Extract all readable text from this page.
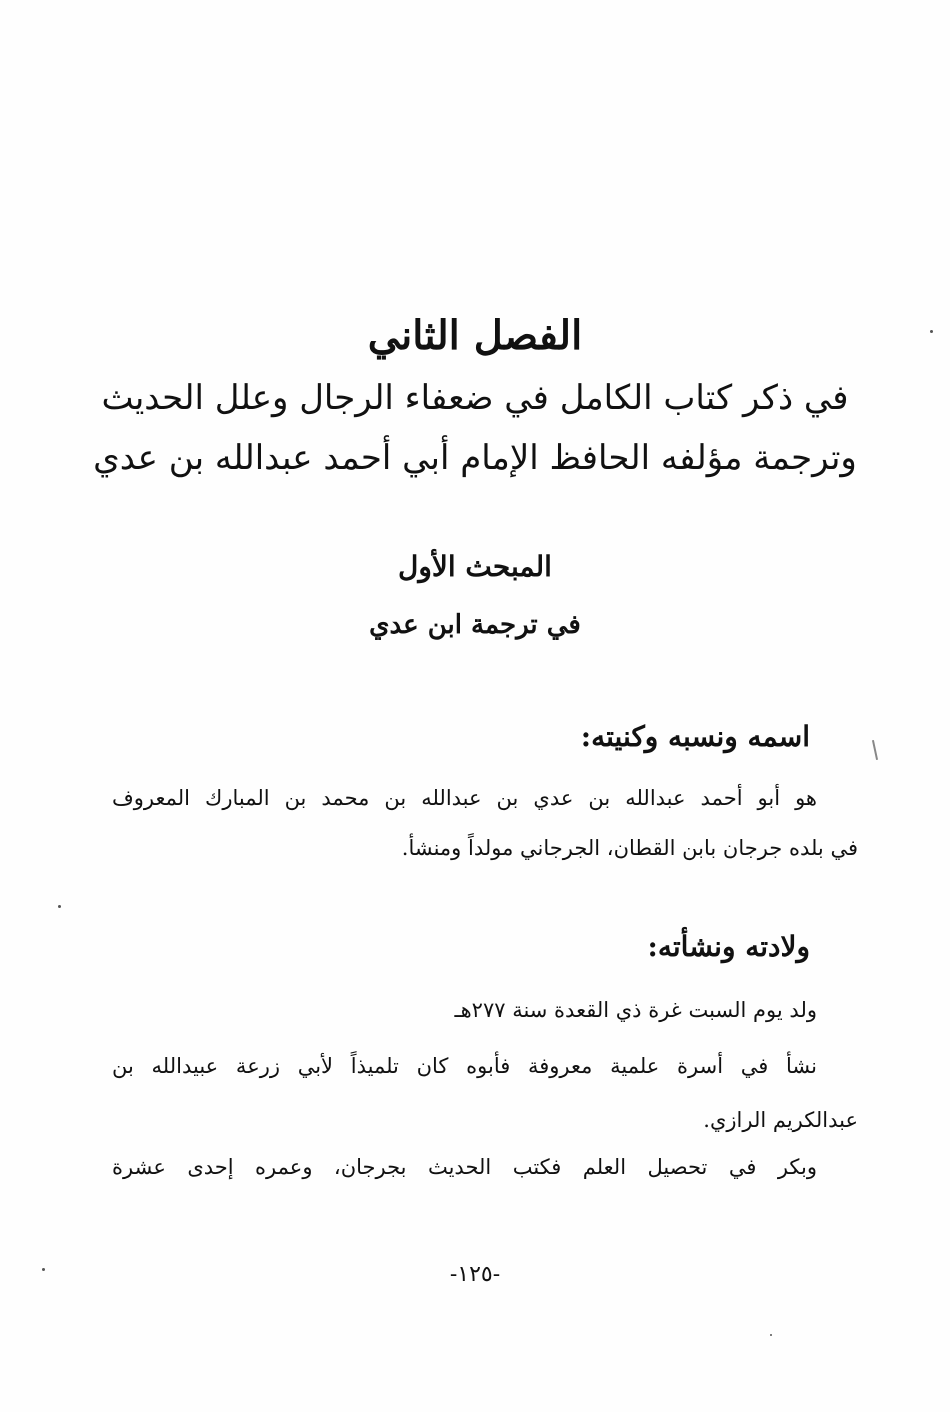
الفصل الثاني
في ذكر كتاب الكامل في ضعفاء الرجال وعلل الحديث
وترجمة مؤلفه الحافظ الإمام أبي أحمد عبدالله بن عدي
المبحث الأول
في ترجمة ابن عدي
اسمه ونسبه وكنيته:
هو أبو أحمد عبدالله بن عدي بن عبدالله بن محمد بن المبارك المعروف
في بلده جرجان بابن القطان، الجرجاني مولداً ومنشأ.
ولادته ونشأته:
ولد يوم السبت غرة ذي القعدة سنة ٢٧٧هـ
نشأ في أسرة علمية معروفة فأبوه كان تلميذاً لأبي زرعة عبيدالله بن
عبدالكريم الرازي.
وبكر في تحصيل العلم فكتب الحديث بجرجان، وعمره إحدى عشرة
-١٢٥-
